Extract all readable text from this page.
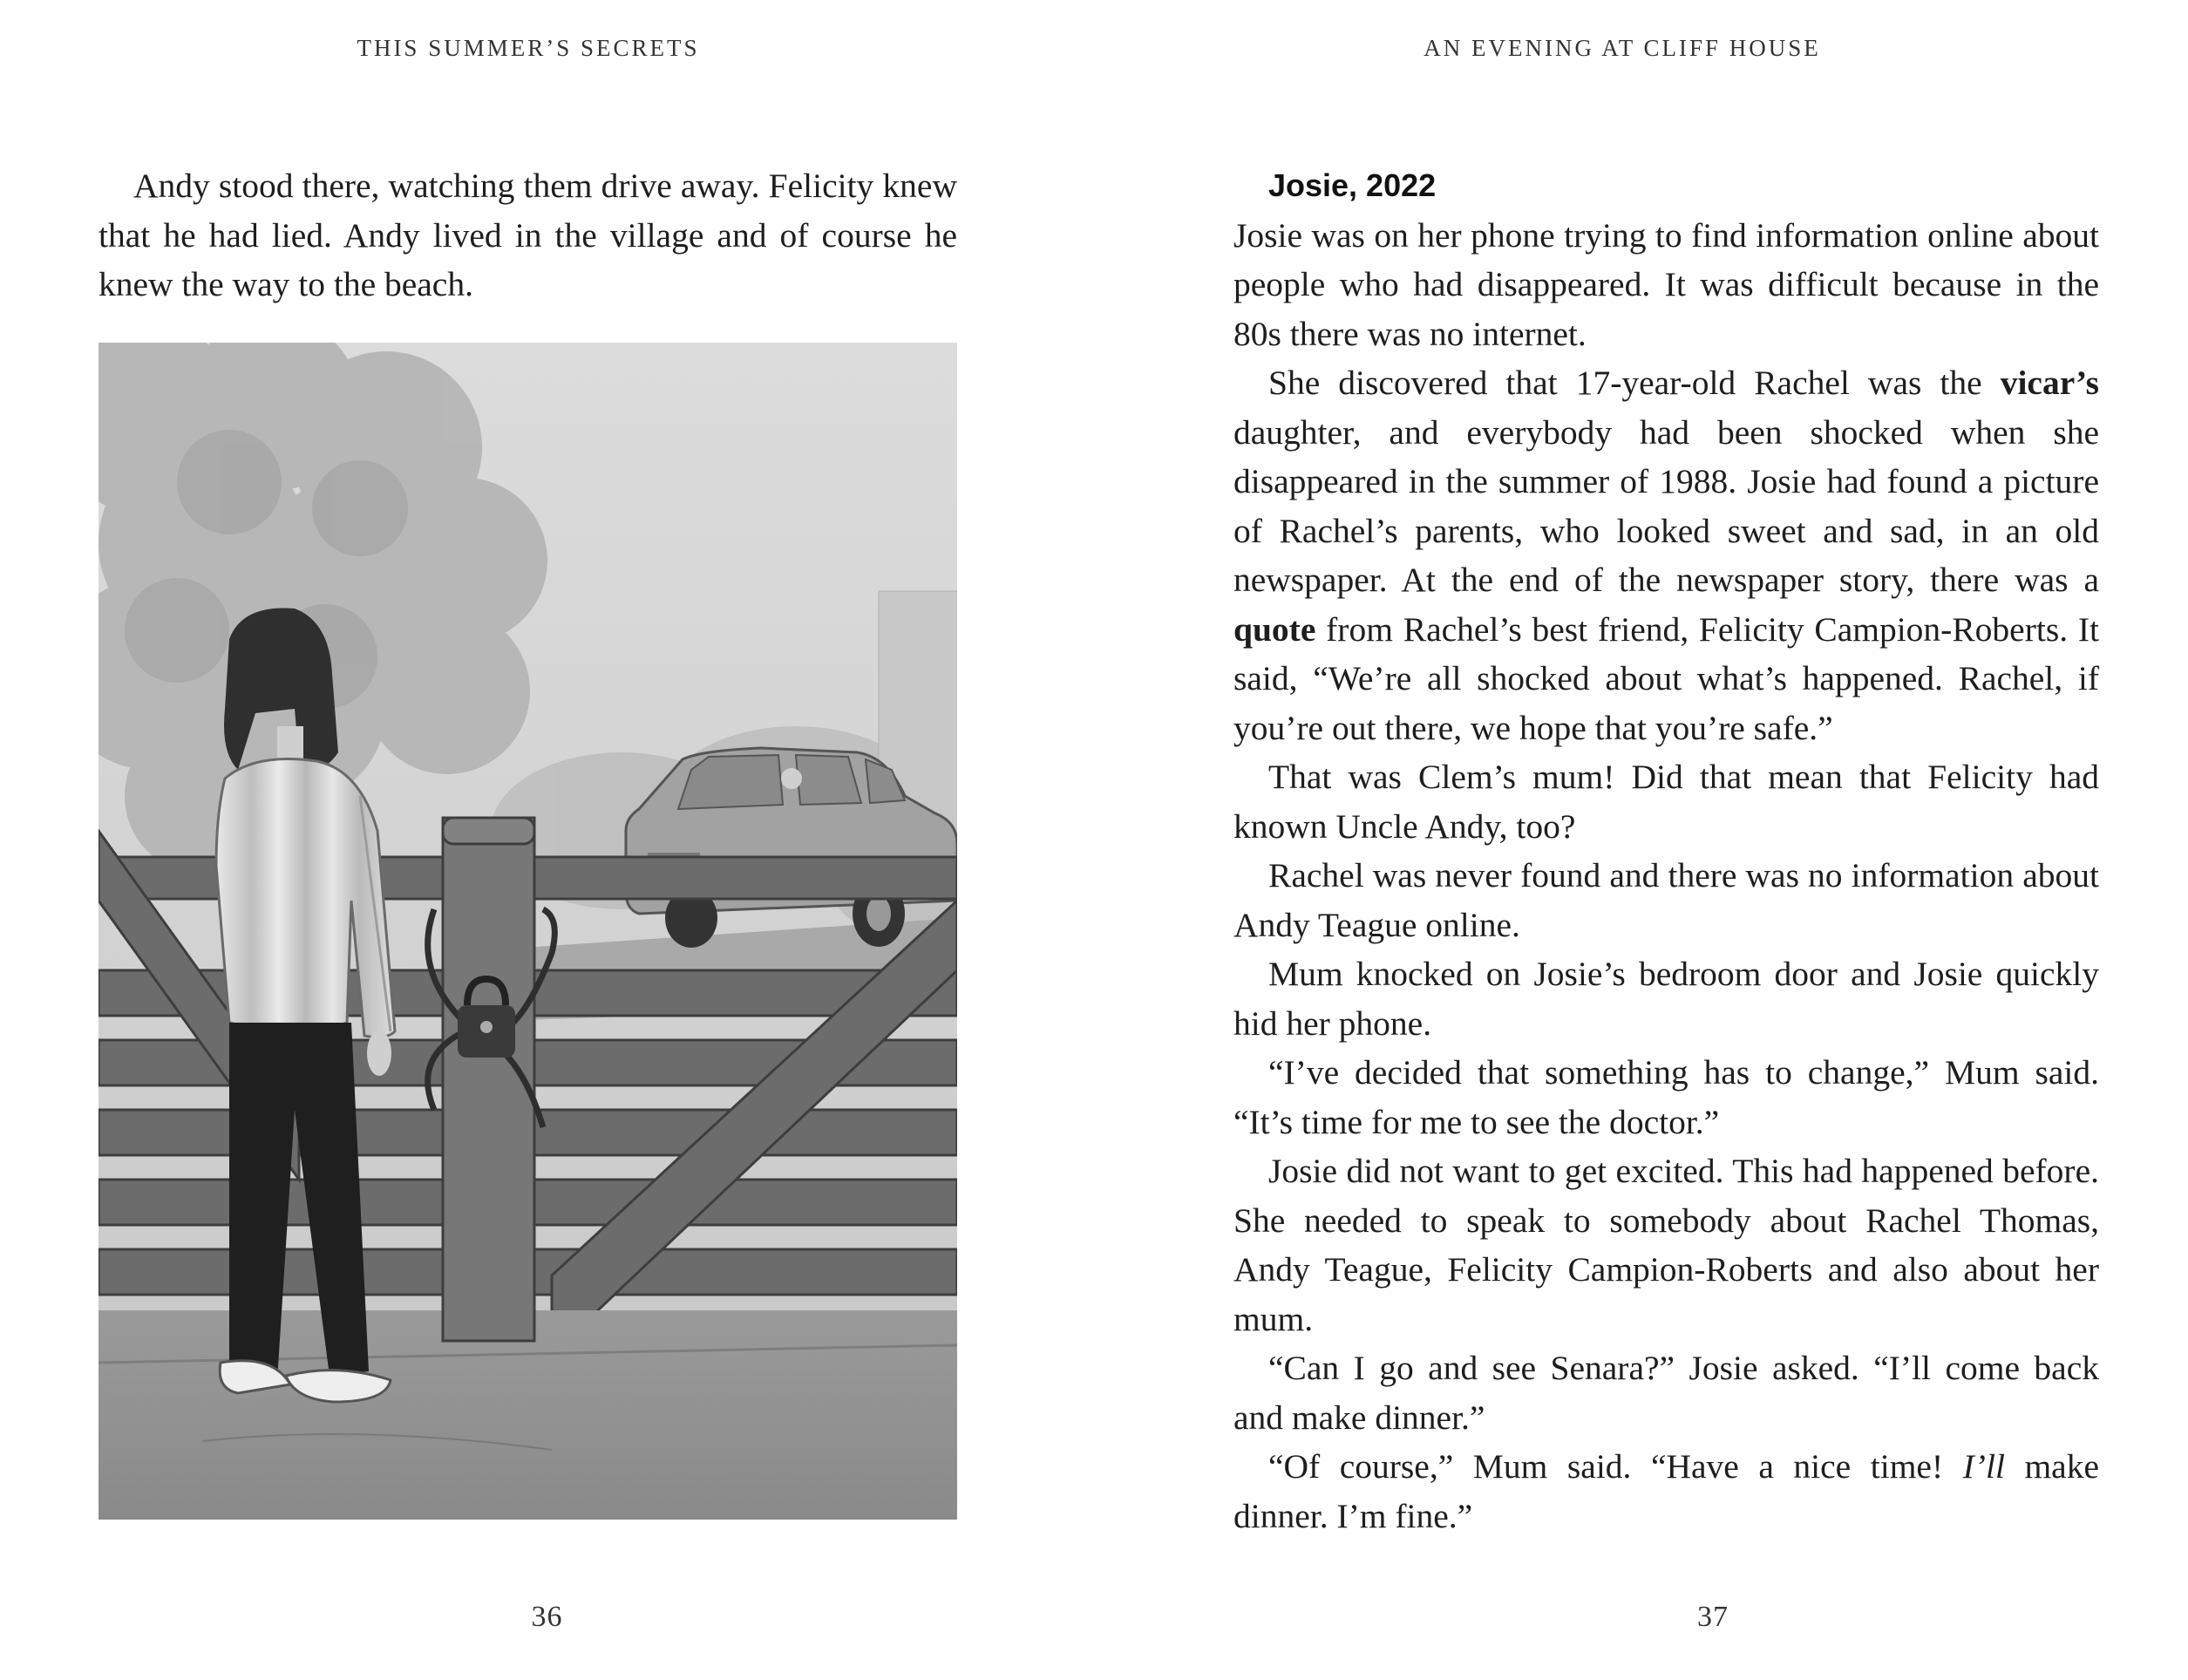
THIS SUMMER’S SECRETS

Andy stood there, watching them drive away. Felicity knew that he had lied. Andy lived in the village and of course he knew the way to the beach.

36
AN EVENING AT CLIFF HOUSE

Josie, 2022

Josie was on her phone trying to find information online about people who had disappeared. It was difficult because in the 80s there was no internet.

She discovered that 17-year-old Rachel was the vicar’s daughter, and everybody had been shocked when she disappeared in the summer of 1988. Josie had found a picture of Rachel’s parents, who looked sweet and sad, in an old newspaper. At the end of the newspaper story, there was a quote from Rachel’s best friend, Felicity Campion-Roberts. It said, “We’re all shocked about what’s happened. Rachel, if you’re out there, we hope that you’re safe.”

That was Clem’s mum! Did that mean that Felicity had known Uncle Andy, too?

Rachel was never found and there was no information about Andy Teague online.

Mum knocked on Josie’s bedroom door and Josie quickly hid her phone.

“I’ve decided that something has to change,” Mum said. “It’s time for me to see the doctor.”

Josie did not want to get excited. This had happened before. She needed to speak to somebody about Rachel Thomas, Andy Teague, Felicity Campion-Roberts and also about her mum.

“Can I go and see Senara?” Josie asked. “I’ll come back and make dinner.”

“Of course,” Mum said. “Have a nice time! I’ll make dinner. I’m fine.”

37
